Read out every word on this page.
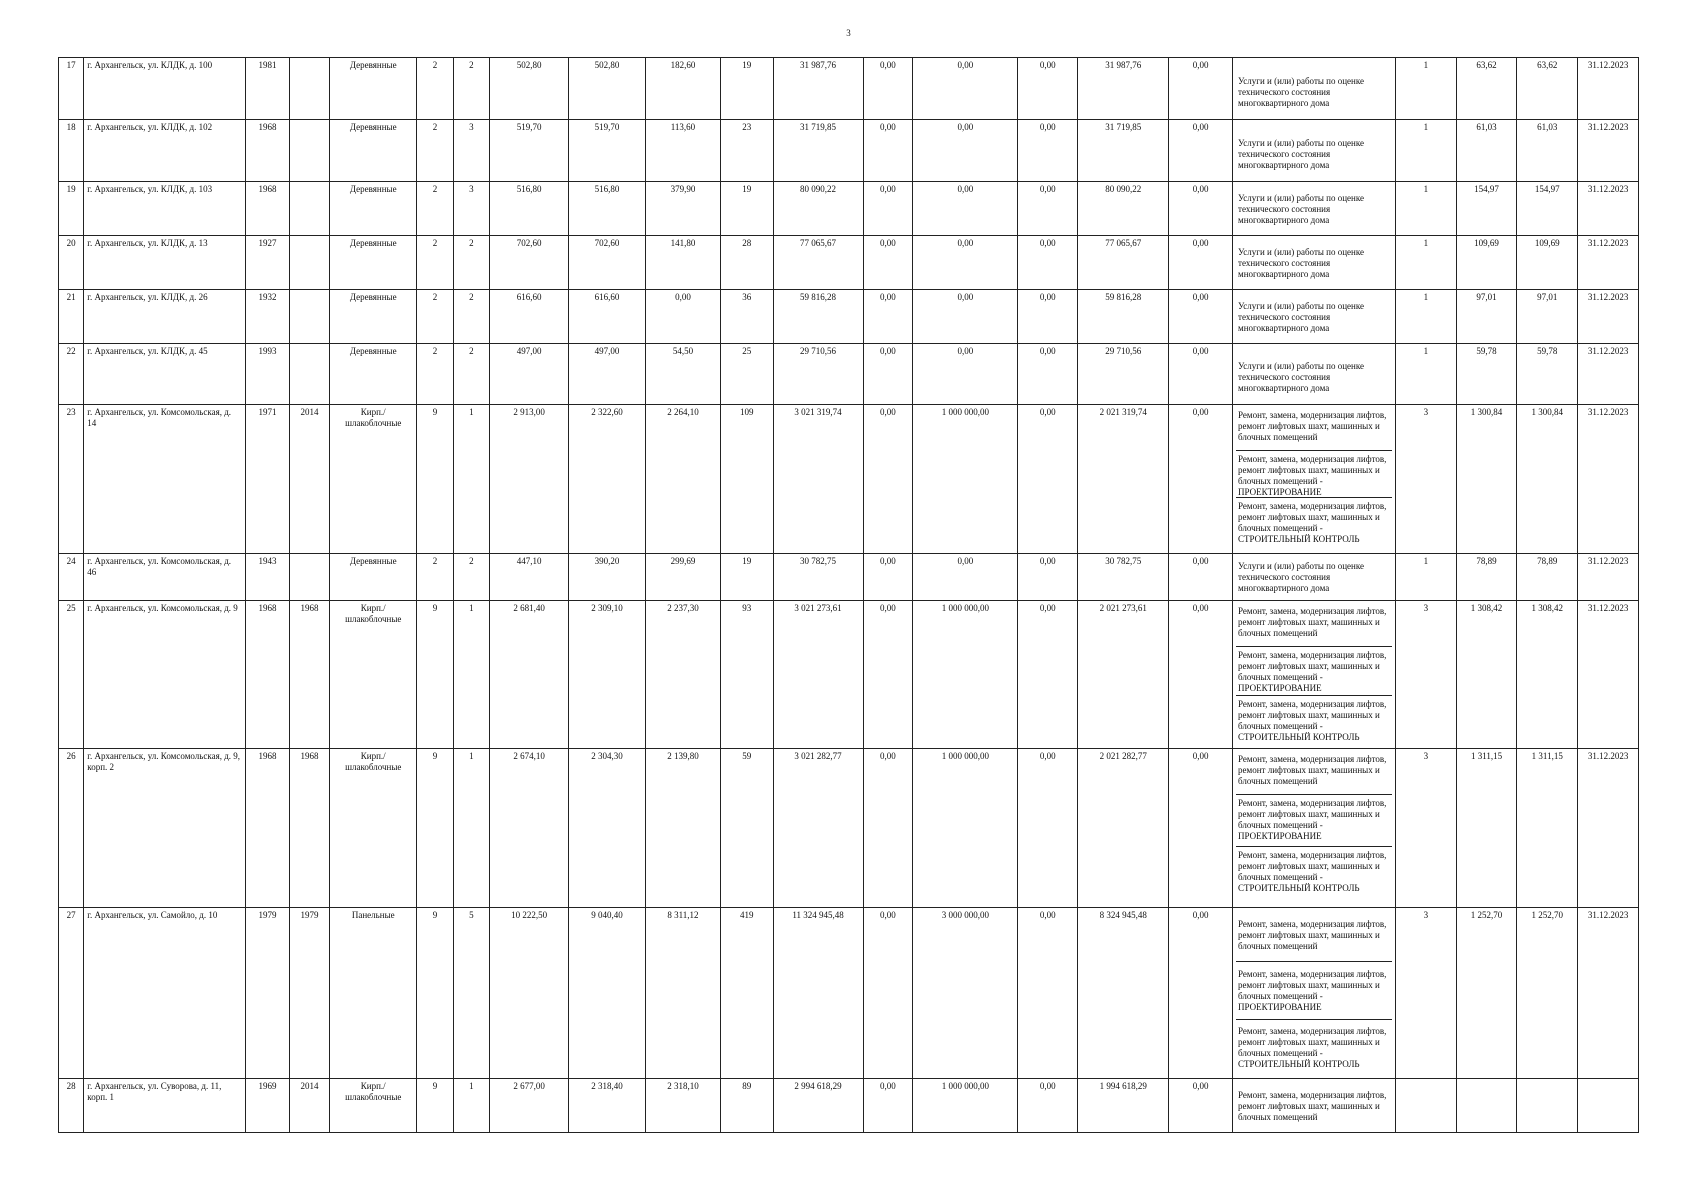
3
17	г. Архангельск, ул. КЛДК, д. 100	1981		Деревянные	2	2	502,80	502,80	182,60	19	31 987,76	0,00	0,00	0,00	31 987,76	0,00	Услуги и (или) работы по оценке технического состояния многоквартирного дома	1	63,62	63,62	31.12.2023
18	г. Архангельск, ул. КЛДК, д. 102	1968		Деревянные	2	3	519,70	519,70	113,60	23	31 719,85	0,00	0,00	0,00	31 719,85	0,00	Услуги и (или) работы по оценке технического состояния многоквартирного дома	1	61,03	61,03	31.12.2023
19	г. Архангельск, ул. КЛДК, д. 103	1968		Деревянные	2	3	516,80	516,80	379,90	19	80 090,22	0,00	0,00	0,00	80 090,22	0,00	Услуги и (или) работы по оценке технического состояния многоквартирного дома	1	154,97	154,97	31.12.2023
20	г. Архангельск, ул. КЛДК, д. 13	1927		Деревянные	2	2	702,60	702,60	141,80	28	77 065,67	0,00	0,00	0,00	77 065,67	0,00	Услуги и (или) работы по оценке технического состояния многоквартирного дома	1	109,69	109,69	31.12.2023
21	г. Архангельск, ул. КЛДК, д. 26	1932		Деревянные	2	2	616,60	616,60	0,00	36	59 816,28	0,00	0,00	0,00	59 816,28	0,00	Услуги и (или) работы по оценке технического состояния многоквартирного дома	1	97,01	97,01	31.12.2023
22	г. Архангельск, ул. КЛДК, д. 45	1993		Деревянные	2	2	497,00	497,00	54,50	25	29 710,56	0,00	0,00	0,00	29 710,56	0,00	Услуги и (или) работы по оценке технического состояния многоквартирного дома	1	59,78	59,78	31.12.2023
23	г. Архангельск, ул. Комсомольская, д. 14	1971	2014	Кирп./ шлакоблочные	9	1	2 913,00	2 322,60	2 264,10	109	3 021 319,74	0,00	1 000 000,00	0,00	2 021 319,74	0,00	Ремонт, замена, модернизация лифтов, ремонт лифтовых шахт, машинных и блочных помещений
Ремонт, замена, модернизация лифтов, ремонт лифтовых шахт, машинных и блочных помещений - ПРОЕКТИРОВАНИЕ
Ремонт, замена, модернизация лифтов, ремонт лифтовых шахт, машинных и блочных помещений - СТРОИТЕЛЬНЫЙ КОНТРОЛЬ	3	1 300,84	1 300,84	31.12.2023
24	г. Архангельск, ул. Комсомольская, д. 46	1943		Деревянные	2	2	447,10	390,20	299,69	19	30 782,75	0,00	0,00	0,00	30 782,75	0,00	Услуги и (или) работы по оценке технического состояния многоквартирного дома	1	78,89	78,89	31.12.2023
25	г. Архангельск, ул. Комсомольская, д. 9	1968	1968	Кирп./ шлакоблочные	9	1	2 681,40	2 309,10	2 237,30	93	3 021 273,61	0,00	1 000 000,00	0,00	2 021 273,61	0,00	Ремонт, замена, модернизация лифтов, ремонт лифтовых шахт, машинных и блочных помещений
Ремонт, замена, модернизация лифтов, ремонт лифтовых шахт, машинных и блочных помещений - ПРОЕКТИРОВАНИЕ
Ремонт, замена, модернизация лифтов, ремонт лифтовых шахт, машинных и блочных помещений - СТРОИТЕЛЬНЫЙ КОНТРОЛЬ	3	1 308,42	1 308,42	31.12.2023
26	г. Архангельск, ул. Комсомольская, д. 9, корп. 2	1968	1968	Кирп./ шлакоблочные	9	1	2 674,10	2 304,30	2 139,80	59	3 021 282,77	0,00	1 000 000,00	0,00	2 021 282,77	0,00	Ремонт, замена, модернизация лифтов, ремонт лифтовых шахт, машинных и блочных помещений
Ремонт, замена, модернизация лифтов, ремонт лифтовых шахт, машинных и блочных помещений - ПРОЕКТИРОВАНИЕ
Ремонт, замена, модернизация лифтов, ремонт лифтовых шахт, машинных и блочных помещений - СТРОИТЕЛЬНЫЙ КОНТРОЛЬ	3	1 311,15	1 311,15	31.12.2023
27	г. Архангельск, ул. Самойло, д. 10	1979	1979	Панельные	9	5	10 222,50	9 040,40	8 311,12	419	11 324 945,48	0,00	3 000 000,00	0,00	8 324 945,48	0,00	Ремонт, замена, модернизация лифтов, ремонт лифтовых шахт, машинных и блочных помещений
Ремонт, замена, модернизация лифтов, ремонт лифтовых шахт, машинных и блочных помещений - ПРОЕКТИРОВАНИЕ
Ремонт, замена, модернизация лифтов, ремонт лифтовых шахт, машинных и блочных помещений - СТРОИТЕЛЬНЫЙ КОНТРОЛЬ	3	1 252,70	1 252,70	31.12.2023
28	г. Архангельск, ул. Суворова, д. 11, корп. 1	1969	2014	Кирп./ шлакоблочные	9	1	2 677,00	2 318,40	2 318,10	89	2 994 618,29	0,00	1 000 000,00	0,00	1 994 618,29	0,00	Ремонт, замена, модернизация лифтов, ремонт лифтовых шахт, машинных и блочных помещений				
